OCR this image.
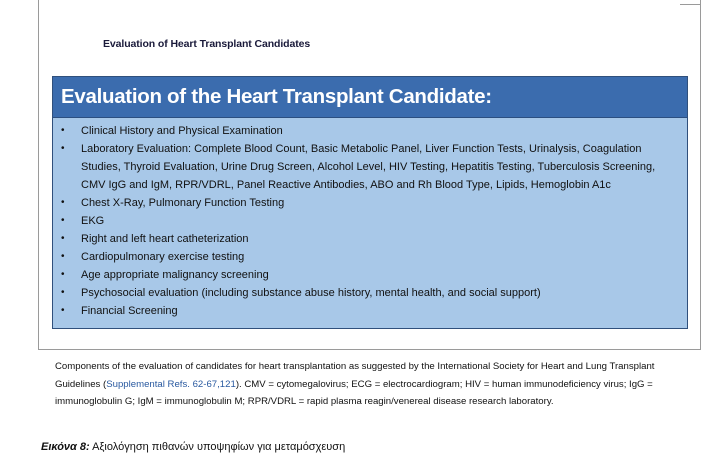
Evaluation of Heart Transplant Candidates
Evaluation of the Heart Transplant Candidate:
• Clinical History and Physical Examination
• Laboratory Evaluation: Complete Blood Count, Basic Metabolic Panel, Liver Function Tests, Urinalysis, Coagulation Studies, Thyroid Evaluation, Urine Drug Screen, Alcohol Level, HIV Testing, Hepatitis Testing, Tuberculosis Screening, CMV IgG and IgM, RPR/VDRL, Panel Reactive Antibodies, ABO and Rh Blood Type, Lipids, Hemoglobin A1c
• Chest X-Ray, Pulmonary Function Testing
• EKG
• Right and left heart catheterization
• Cardiopulmonary exercise testing
• Age appropriate malignancy screening
• Psychosocial evaluation (including substance abuse history, mental health, and social support)
• Financial Screening
Components of the evaluation of candidates for heart transplantation as suggested by the International Society for Heart and Lung Transplant Guidelines (Supplemental Refs. 62-67,121). CMV = cytomegalovirus; ECG = electrocardiogram; HIV = human immunodeficiency virus; IgG = immunoglobulin G; IgM = immunoglobulin M; RPR/VDRL = rapid plasma reagin/venereal disease research laboratory.
Εικόνα 8: Αξιολόγηση πιθανών υποψηφίων για μεταμόσχευση
